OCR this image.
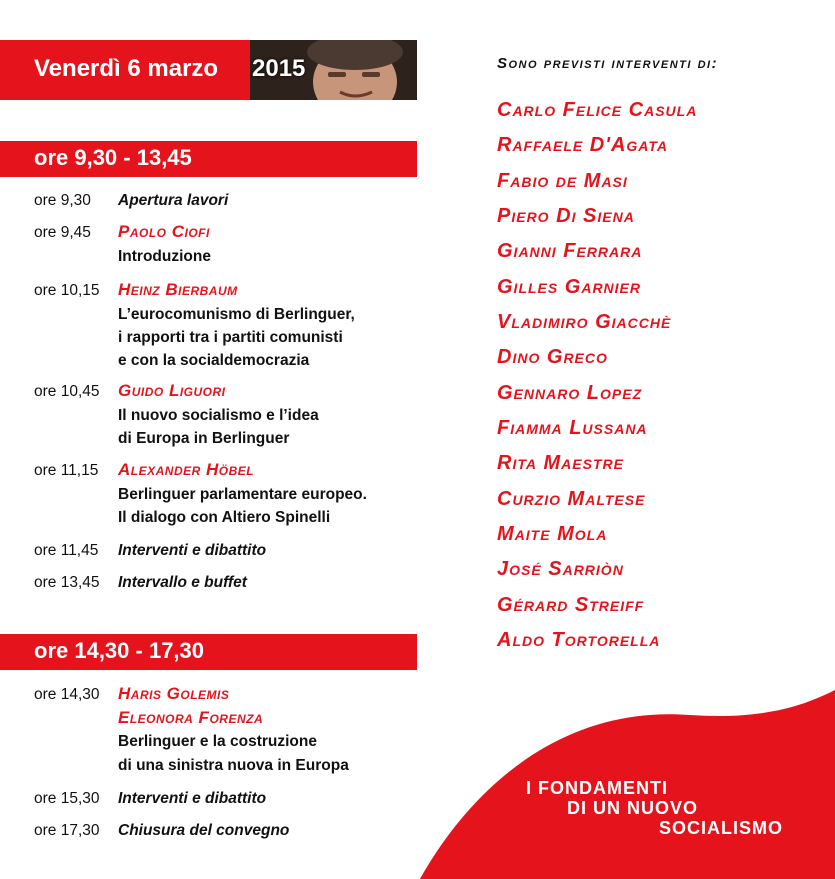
Venerdì 6 marzo 2015
ore 9,30 - 13,45
ore 9,30 Apertura lavori
ore 9,45 Paolo Ciofi
Introduzione
ore 10,15 Heinz Bierbaum
L’eurocomunismo di Berlinguer,
i rapporti tra i partiti comunisti
e con la socialdemocrazia
ore 10,45 Guido Liguori
Il nuovo socialismo e l’idea
di Europa in Berlinguer
ore 11,15 Alexander Höbel
Berlinguer parlamentare europeo.
Il dialogo con Altiero Spinelli
ore 11,45 Interventi e dibattito
ore 13,45 Intervallo e buffet
ore 14,30 - 17,30
ore 14,30 Haris Golemis
Eleonora Forenza
Berlinguer e la costruzione
di una sinistra nuova in Europa
ore 15,30 Interventi e dibattito
ore 17,30 Chiusura del convegno
Sono previsti interventi di:
Carlo Felice Casula
Raffaele D'Agata
Fabio de Masi
Piero Di Siena
Gianni Ferrara
Gilles Garnier
Vladimiro Giacchè
Dino Greco
Gennaro Lopez
Fiamma Lussana
Rita Maestre
Curzio Maltese
Maite Mola
José Sarriòn
Gérard Streiff
Aldo Tortorella
I FONDAMENTI
DI UN NUOVO
SOCIALISMO
